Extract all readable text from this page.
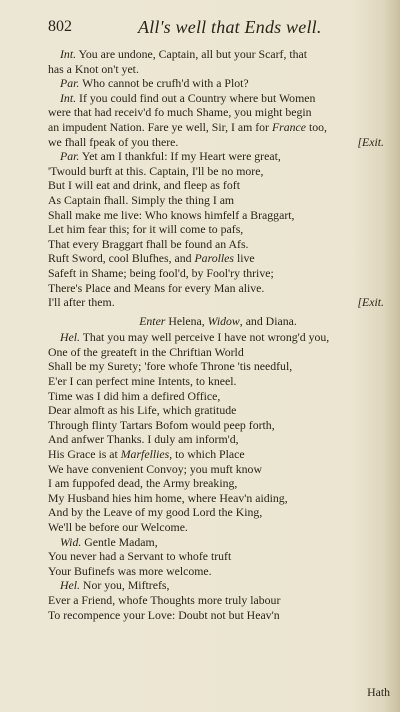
802	All's well that Ends well.
Int. You are undone, Captain, all but your Scarf, that
has a Knot on't yet.
Par. Who cannot be crufh'd with a Plot?
Int. If you could find out a Country where but Women
were that had receiv'd fo much Shame, you might begin
an impudent Nation. Fare ye well, Sir, I am for France too,
we fhall fpeak of you there.	[Exit.
Par. Yet am I thankful: If my Heart were great,
'Twould burft at this. Captain, I'll be no more,
But I will eat and drink, and fleep as foft
As Captain fhall. Simply the thing I am
Shall make me live: Who knows himfelf a Braggart,
Let him fear this; for it will come to pafs,
That every Braggart fhall be found an Afs.
Ruft Sword, cool Blufhes, and Parolles live
Safeft in Shame; being fool'd, by Fool'ry thrive;
There's Place and Means for every Man alive.
I'll after them.	[Exit.
Enter Helena, Widow, and Diana.
Hel. That you may well perceive I have not wrong'd you,
One of the greateft in the Chriftian World
Shall be my Surety; 'fore whofe Throne 'tis needful,
E'er I can perfect mine Intents, to kneel.
Time was I did him a defired Office,
Dear almoft as his Life, which gratitude
Through flinty Tartars Bofom would peep forth,
And anfwer Thanks. I duly am inform'd,
His Grace is at Marfellies, to which Place
We have convenient Convoy; you muft know
I am fuppofed dead, the Army breaking,
My Husband hies him home, where Heav'n aiding,
And by the Leave of my good Lord the King,
We'll be before our Welcome.
Wid. Gentle Madam,
You never had a Servant to whofe truft
Your Bufinefs was more welcome.
Hel. Nor you, Miftrefs,
Ever a Friend, whofe Thoughts more truly labour
To recompence your Love: Doubt not but Heav'n
Hath
